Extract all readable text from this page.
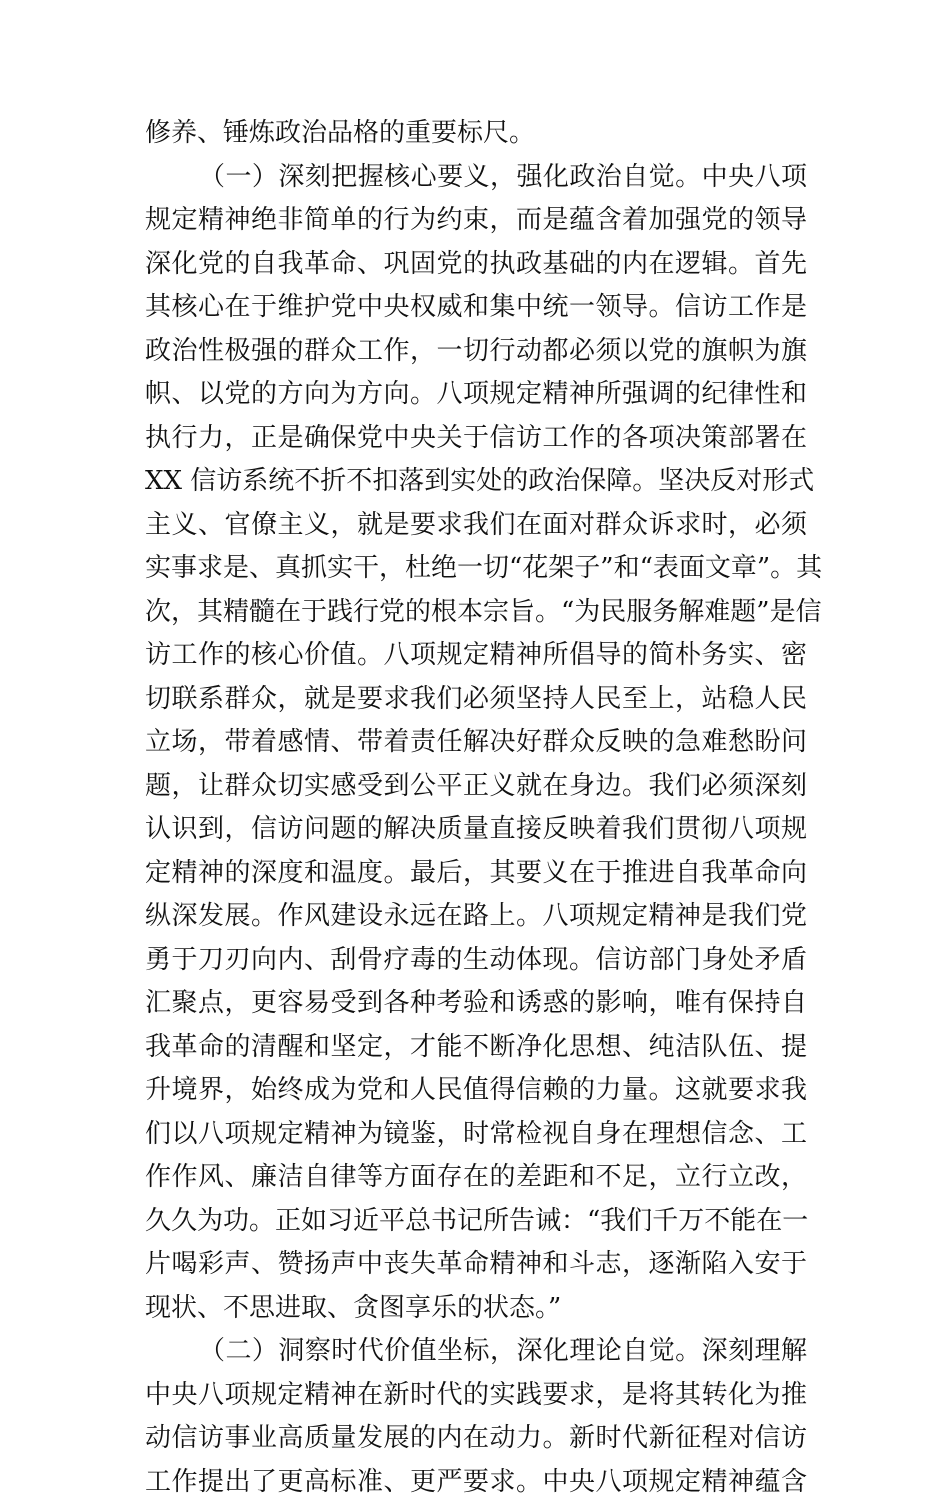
修养、锤炼政治品格的重要标尺。
（一）深刻把握核心要义，强化政治自觉。中央八项
规定精神绝非简单的行为约束，而是蕴含着加强党的领导
深化党的自我革命、巩固党的执政基础的内在逻辑。首先
其核心在于维护党中央权威和集中统一领导。信访工作是
政治性极强的群众工作，一切行动都必须以党的旗帜为旗
帜、以党的方向为方向。八项规定精神所强调的纪律性和
执行力，正是确保党中央关于信访工作的各项决策部署在
XX 信访系统不折不扣落到实处的政治保障。坚决反对形式
主义、官僚主义，就是要求我们在面对群众诉求时，必须
实事求是、真抓实干，杜绝一切“花架子”和“表面文章”。其
次，其精髓在于践行党的根本宗旨。“为民服务解难题”是信
访工作的核心价值。八项规定精神所倡导的简朴务实、密
切联系群众，就是要求我们必须坚持人民至上，站稳人民
立场，带着感情、带着责任解决好群众反映的急难愁盼问
题，让群众切实感受到公平正义就在身边。我们必须深刻
认识到，信访问题的解决质量直接反映着我们贯彻八项规
定精神的深度和温度。最后，其要义在于推进自我革命向
纵深发展。作风建设永远在路上。八项规定精神是我们党
勇于刀刃向内、刮骨疗毒的生动体现。信访部门身处矛盾
汇聚点，更容易受到各种考验和诱惑的影响，唯有保持自
我革命的清醒和坚定，才能不断净化思想、纯洁队伍、提
升境界，始终成为党和人民值得信赖的力量。这就要求我
们以八项规定精神为镜鉴，时常检视自身在理想信念、工
作作风、廉洁自律等方面存在的差距和不足，立行立改，
久久为功。正如习近平总书记所告诫：“我们千万不能在一
片喝彩声、赞扬声中丧失革命精神和斗志，逐渐陷入安于
现状、不思进取、贪图享乐的状态。”
（二）洞察时代价值坐标，深化理论自觉。深刻理解
中央八项规定精神在新时代的实践要求，是将其转化为推
动信访事业高质量发展的内在动力。新时代新征程对信访
工作提出了更高标准、更严要求。中央八项规定精神蕴含
